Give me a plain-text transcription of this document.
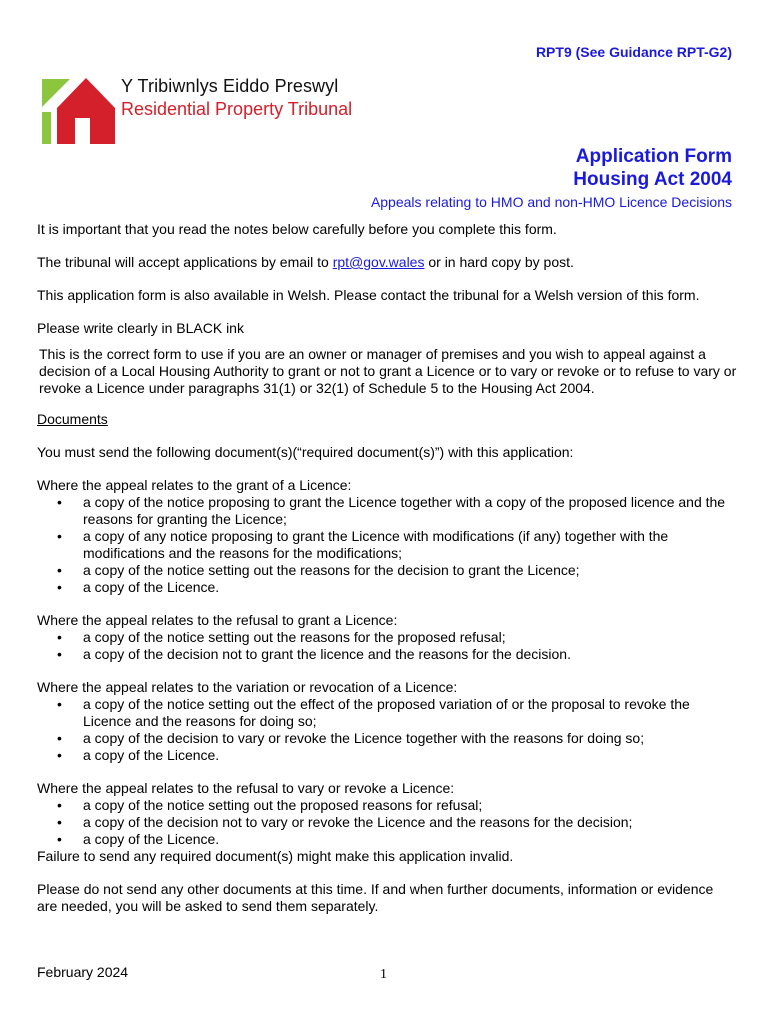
RPT9 (See Guidance RPT-G2)
Y Tribiwnlys Eiddo Preswyl
Residential Property Tribunal
Application Form
Housing Act 2004
Appeals relating to HMO and non-HMO Licence Decisions

It is important that you read the notes below carefully before you complete this form.

The tribunal will accept applications by email to rpt@gov.wales or in hard copy by post.

This application form is also available in Welsh. Please contact the tribunal for a Welsh version of this form.

Please write clearly in BLACK ink

This is the correct form to use if you are an owner or manager of premises and you wish to appeal against a decision of a Local Housing Authority to grant or not to grant a Licence or to vary or revoke or to refuse to vary or revoke a Licence under paragraphs 31(1) or 32(1) of Schedule 5 to the Housing Act 2004.

Documents

You must send the following document(s)(“required document(s)”) with this application:

Where the appeal relates to the grant of a Licence:
• a copy of the notice proposing to grant the Licence together with a copy of the proposed licence and the reasons for granting the Licence;
• a copy of any notice proposing to grant the Licence with modifications (if any) together with the modifications and the reasons for the modifications;
• a copy of the notice setting out the reasons for the decision to grant the Licence;
• a copy of the Licence.
Where the appeal relates to the refusal to grant a Licence:
• a copy of the notice setting out the reasons for the proposed refusal;
• a copy of the decision not to grant the licence and the reasons for the decision.
Where the appeal relates to the variation or revocation of a Licence:
• a copy of the notice setting out the effect of the proposed variation of or the proposal to revoke the Licence and the reasons for doing so;
• a copy of the decision to vary or revoke the Licence together with the reasons for doing so;
• a copy of the Licence.
Where the appeal relates to the refusal to vary or revoke a Licence:
• a copy of the notice setting out the proposed reasons for refusal;
• a copy of the decision not to vary or revoke the Licence and the reasons for the decision;
• a copy of the Licence.

Failure to send any required document(s) might make this application invalid.

Please do not send any other documents at this time. If and when further documents, information or evidence are needed, you will be asked to send them separately.

February 2024	1
